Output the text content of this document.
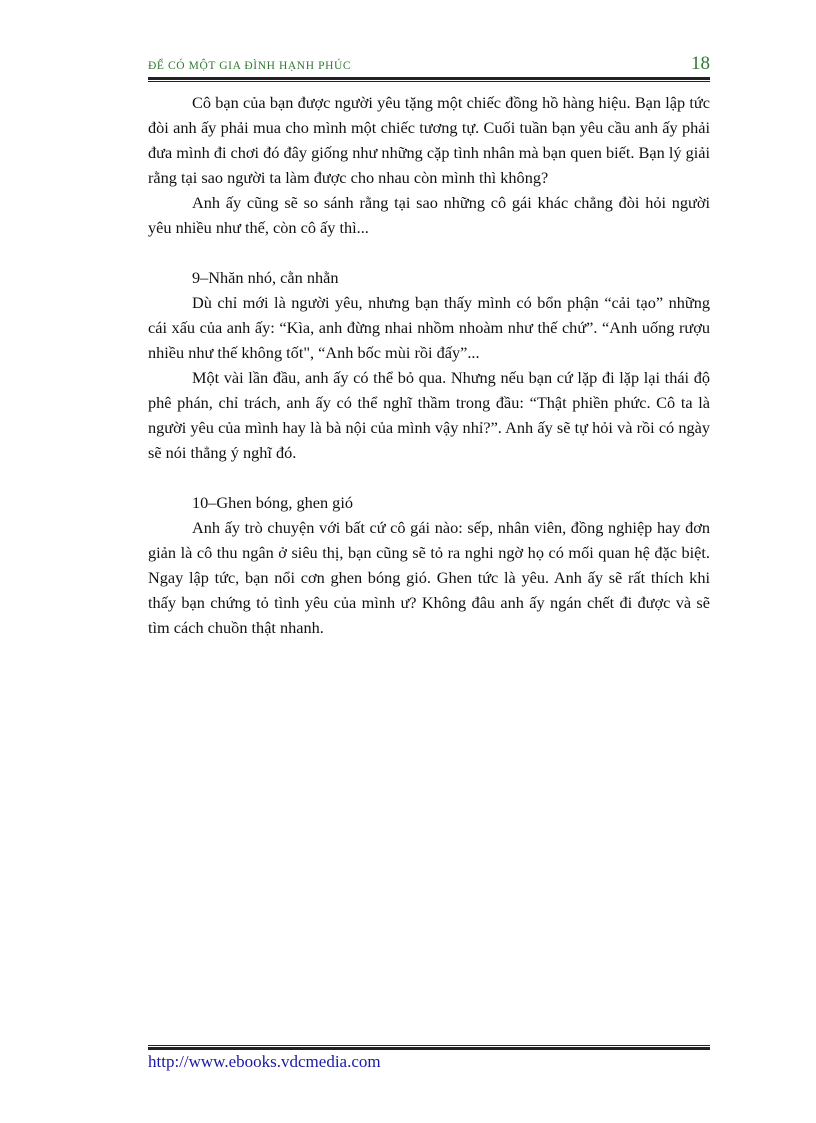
ĐỂ CÓ MỘT GIA ĐÌNH HẠNH PHÚC	18

Cô bạn của bạn được người yêu tặng một chiếc đồng hồ hàng hiệu. Bạn lập tức đòi anh ấy phải mua cho mình một chiếc tương tự. Cuối tuần bạn yêu cầu anh ấy phải đưa mình đi chơi đó đây giống như những cặp tình nhân mà bạn quen biết. Bạn lý giải rằng tại sao người ta làm được cho nhau còn mình thì không?

Anh ấy cũng sẽ so sánh rằng tại sao những cô gái khác chẳng đòi hỏi người yêu nhiều như thế, còn cô ấy thì...

9–Nhăn nhó, cằn nhằn

Dù chỉ mới là người yêu, nhưng bạn thấy mình có bổn phận “cải tạo” những cái xấu của anh ấy: “Kìa, anh đừng nhai nhồm nhoàm như thế chứ”. “Anh uống rượu nhiều như thế không tốt", “Anh bốc mùi rồi đấy”...

Một vài lần đầu, anh ấy có thể bỏ qua. Nhưng nếu bạn cứ lặp đi lặp lại thái độ phê phán, chỉ trách, anh ấy có thể nghĩ thầm trong đầu: “Thật phiền phức. Cô ta là người yêu của mình hay là bà nội của mình vậy nhỉ?”. Anh ấy sẽ tự hỏi và rồi có ngày sẽ nói thẳng ý nghĩ đó.

10–Ghen bóng, ghen gió

Anh ấy trò chuyện với bất cứ cô gái nào: sếp, nhân viên, đồng nghiệp hay đơn giản là cô thu ngân ở siêu thị, bạn cũng sẽ tỏ ra nghi ngờ họ có mối quan hệ đặc biệt. Ngay lập tức, bạn nổi cơn ghen bóng gió. Ghen tức là yêu. Anh ấy sẽ rất thích khi thấy bạn chứng tỏ tình yêu của mình ư? Không đâu anh ấy ngán chết đi được và sẽ tìm cách chuồn thật nhanh.

http://www.ebooks.vdcmedia.com
